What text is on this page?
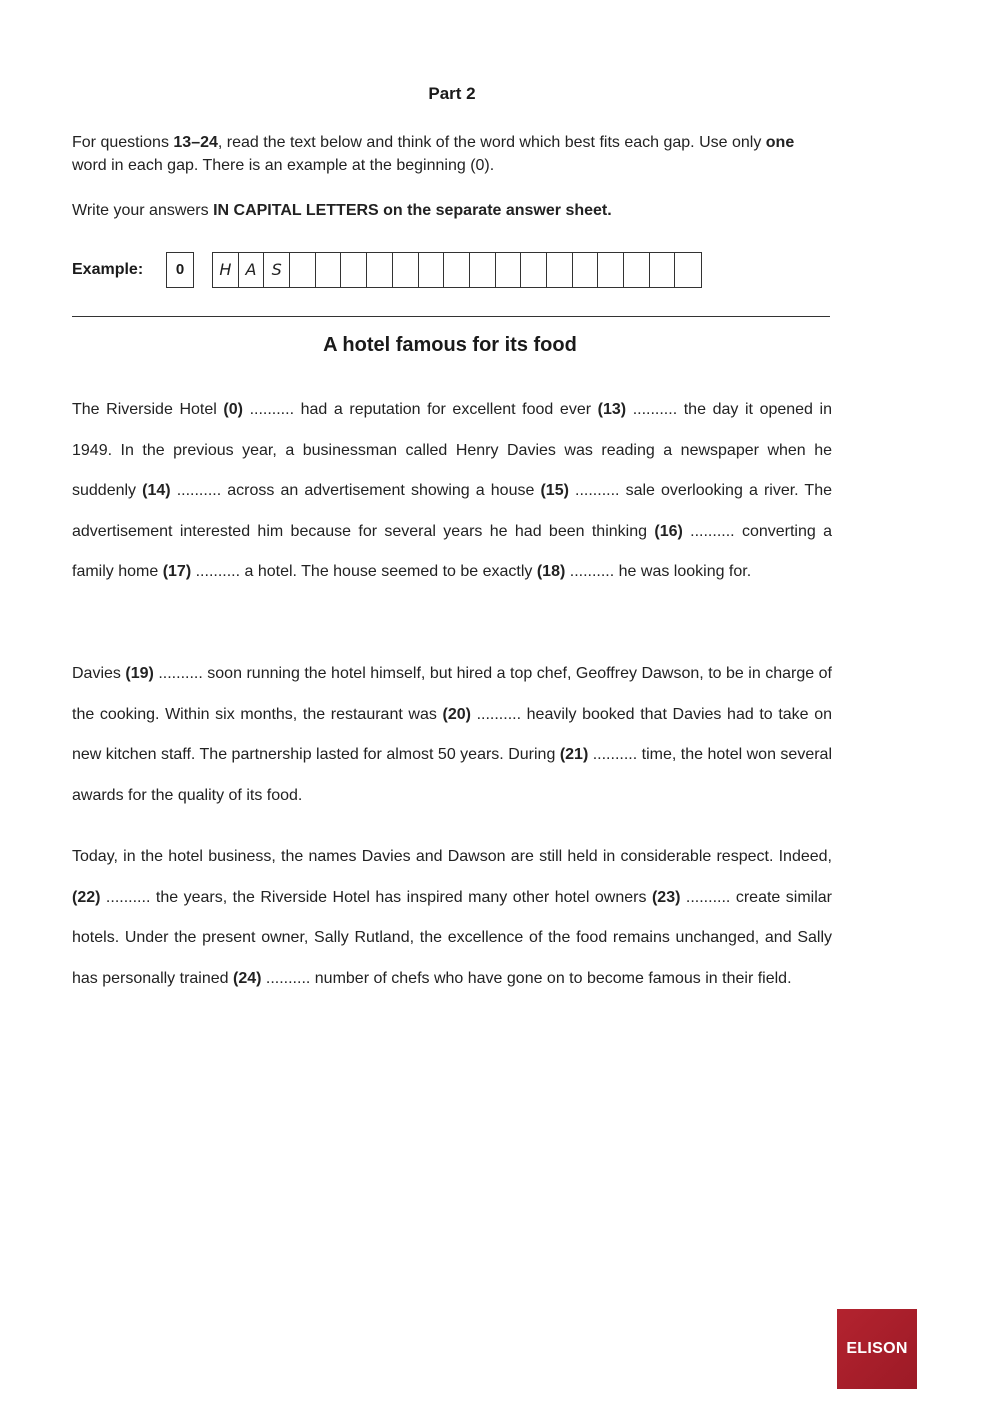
Part 2
For questions 13–24, read the text below and think of the word which best fits each gap. Use only one word in each gap. There is an example at the beginning (0).
Write your answers IN CAPITAL LETTERS on the separate answer sheet.
Example:	0	H A S
A hotel famous for its food
The Riverside Hotel (0) .......... had a reputation for excellent food ever (13) .......... the day it opened in 1949. In the previous year, a businessman called Henry Davies was reading a newspaper when he suddenly (14) .......... across an advertisement showing a house (15) .......... sale overlooking a river. The advertisement interested him because for several years he had been thinking (16) .......... converting a family home (17) .......... a hotel. The house seemed to be exactly (18) .......... he was looking for.
Davies (19) .......... soon running the hotel himself, but hired a top chef, Geoffrey Dawson, to be in charge of the cooking. Within six months, the restaurant was (20) .......... heavily booked that Davies had to take on new kitchen staff. The partnership lasted for almost 50 years. During (21) .......... time, the hotel won several awards for the quality of its food.
Today, in the hotel business, the names Davies and Dawson are still held in considerable respect. Indeed, (22) .......... the years, the Riverside Hotel has inspired many other hotel owners (23) .......... create similar hotels. Under the present owner, Sally Rutland, the excellence of the food remains unchanged, and Sally has personally trained (24) .......... number of chefs who have gone on to become famous in their field.
ELISON
